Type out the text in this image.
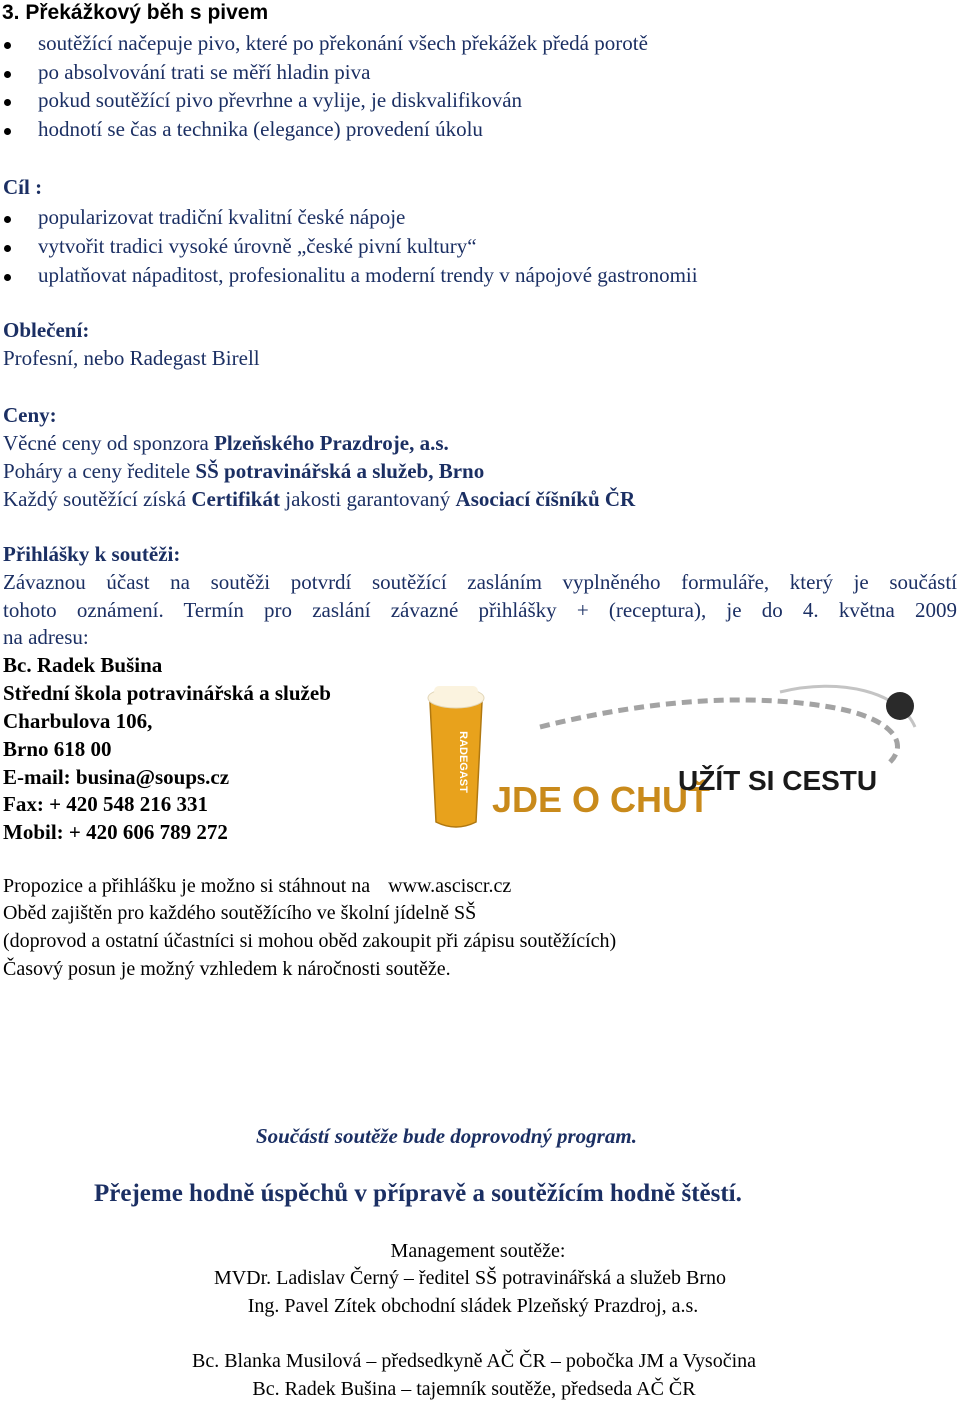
3. Překážkový běh s pivem
soutěžící načepuje pivo, které po překonání všech překážek předá porotě
po absolvování trati se měří hladin piva
pokud soutěžící pivo převrhne a vylije, je diskvalifikován
hodnotí se čas a technika (elegance) provedení úkolu
Cíl :
popularizovat tradiční kvalitní české nápoje
vytvořit tradici vysoké úrovně „české pivní kultury“
uplatňovat nápaditost, profesionalitu a moderní trendy v nápojové gastronomii
Oblečení:
Profesní, nebo Radegast Birell
Ceny:
Věcné ceny od sponzora Plzeňského Prazdroje, a.s.
Poháry a ceny ředitele SŠ potravinářská a služeb, Brno
Každý soutěžící získá Certifikát jakosti garantovaný Asociací číšníků ČR
Přihlášky k soutěži:
Závaznou účast na soutěži potvrdí soutěžící zasláním vyplněného formuláře, který je součástí
tohoto oznámení. Termín pro zaslání závazné přihlášky + (receptura), je do 4. května 2009
na adresu:
Bc. Radek Bušina
Střední škola potravinářská a služeb
Charbulova 106,
Brno 618 00
E-mail: busina@soups.cz
Fax: + 420 548 216 331
Mobil: + 420 606 789 272
RADEGAST
JDE O CHUŤ
UŽÍT SI CESTU
Propozice a přihlášku je možno si stáhnout na www.asciscr.cz
Oběd zajištěn pro každého soutěžícího ve školní jídelně SŠ
(doprovod a ostatní účastníci si mohou oběd zakoupit při zápisu soutěžících)
Časový posun je možný vzhledem k náročnosti soutěže.
Součástí soutěže bude doprovodný program.
Přejeme hodně úspěchů v přípravě a soutěžícím hodně štěstí.
Management soutěže:
MVDr. Ladislav Černý – ředitel SŠ potravinářská a služeb Brno
Ing. Pavel Zítek obchodní sládek Plzeňský Prazdroj, a.s.
Bc. Blanka Musilová – předsedkyně AČ ČR – pobočka JM a Vysočina
Bc. Radek Bušina – tajemník soutěže, předseda AČ ČR
